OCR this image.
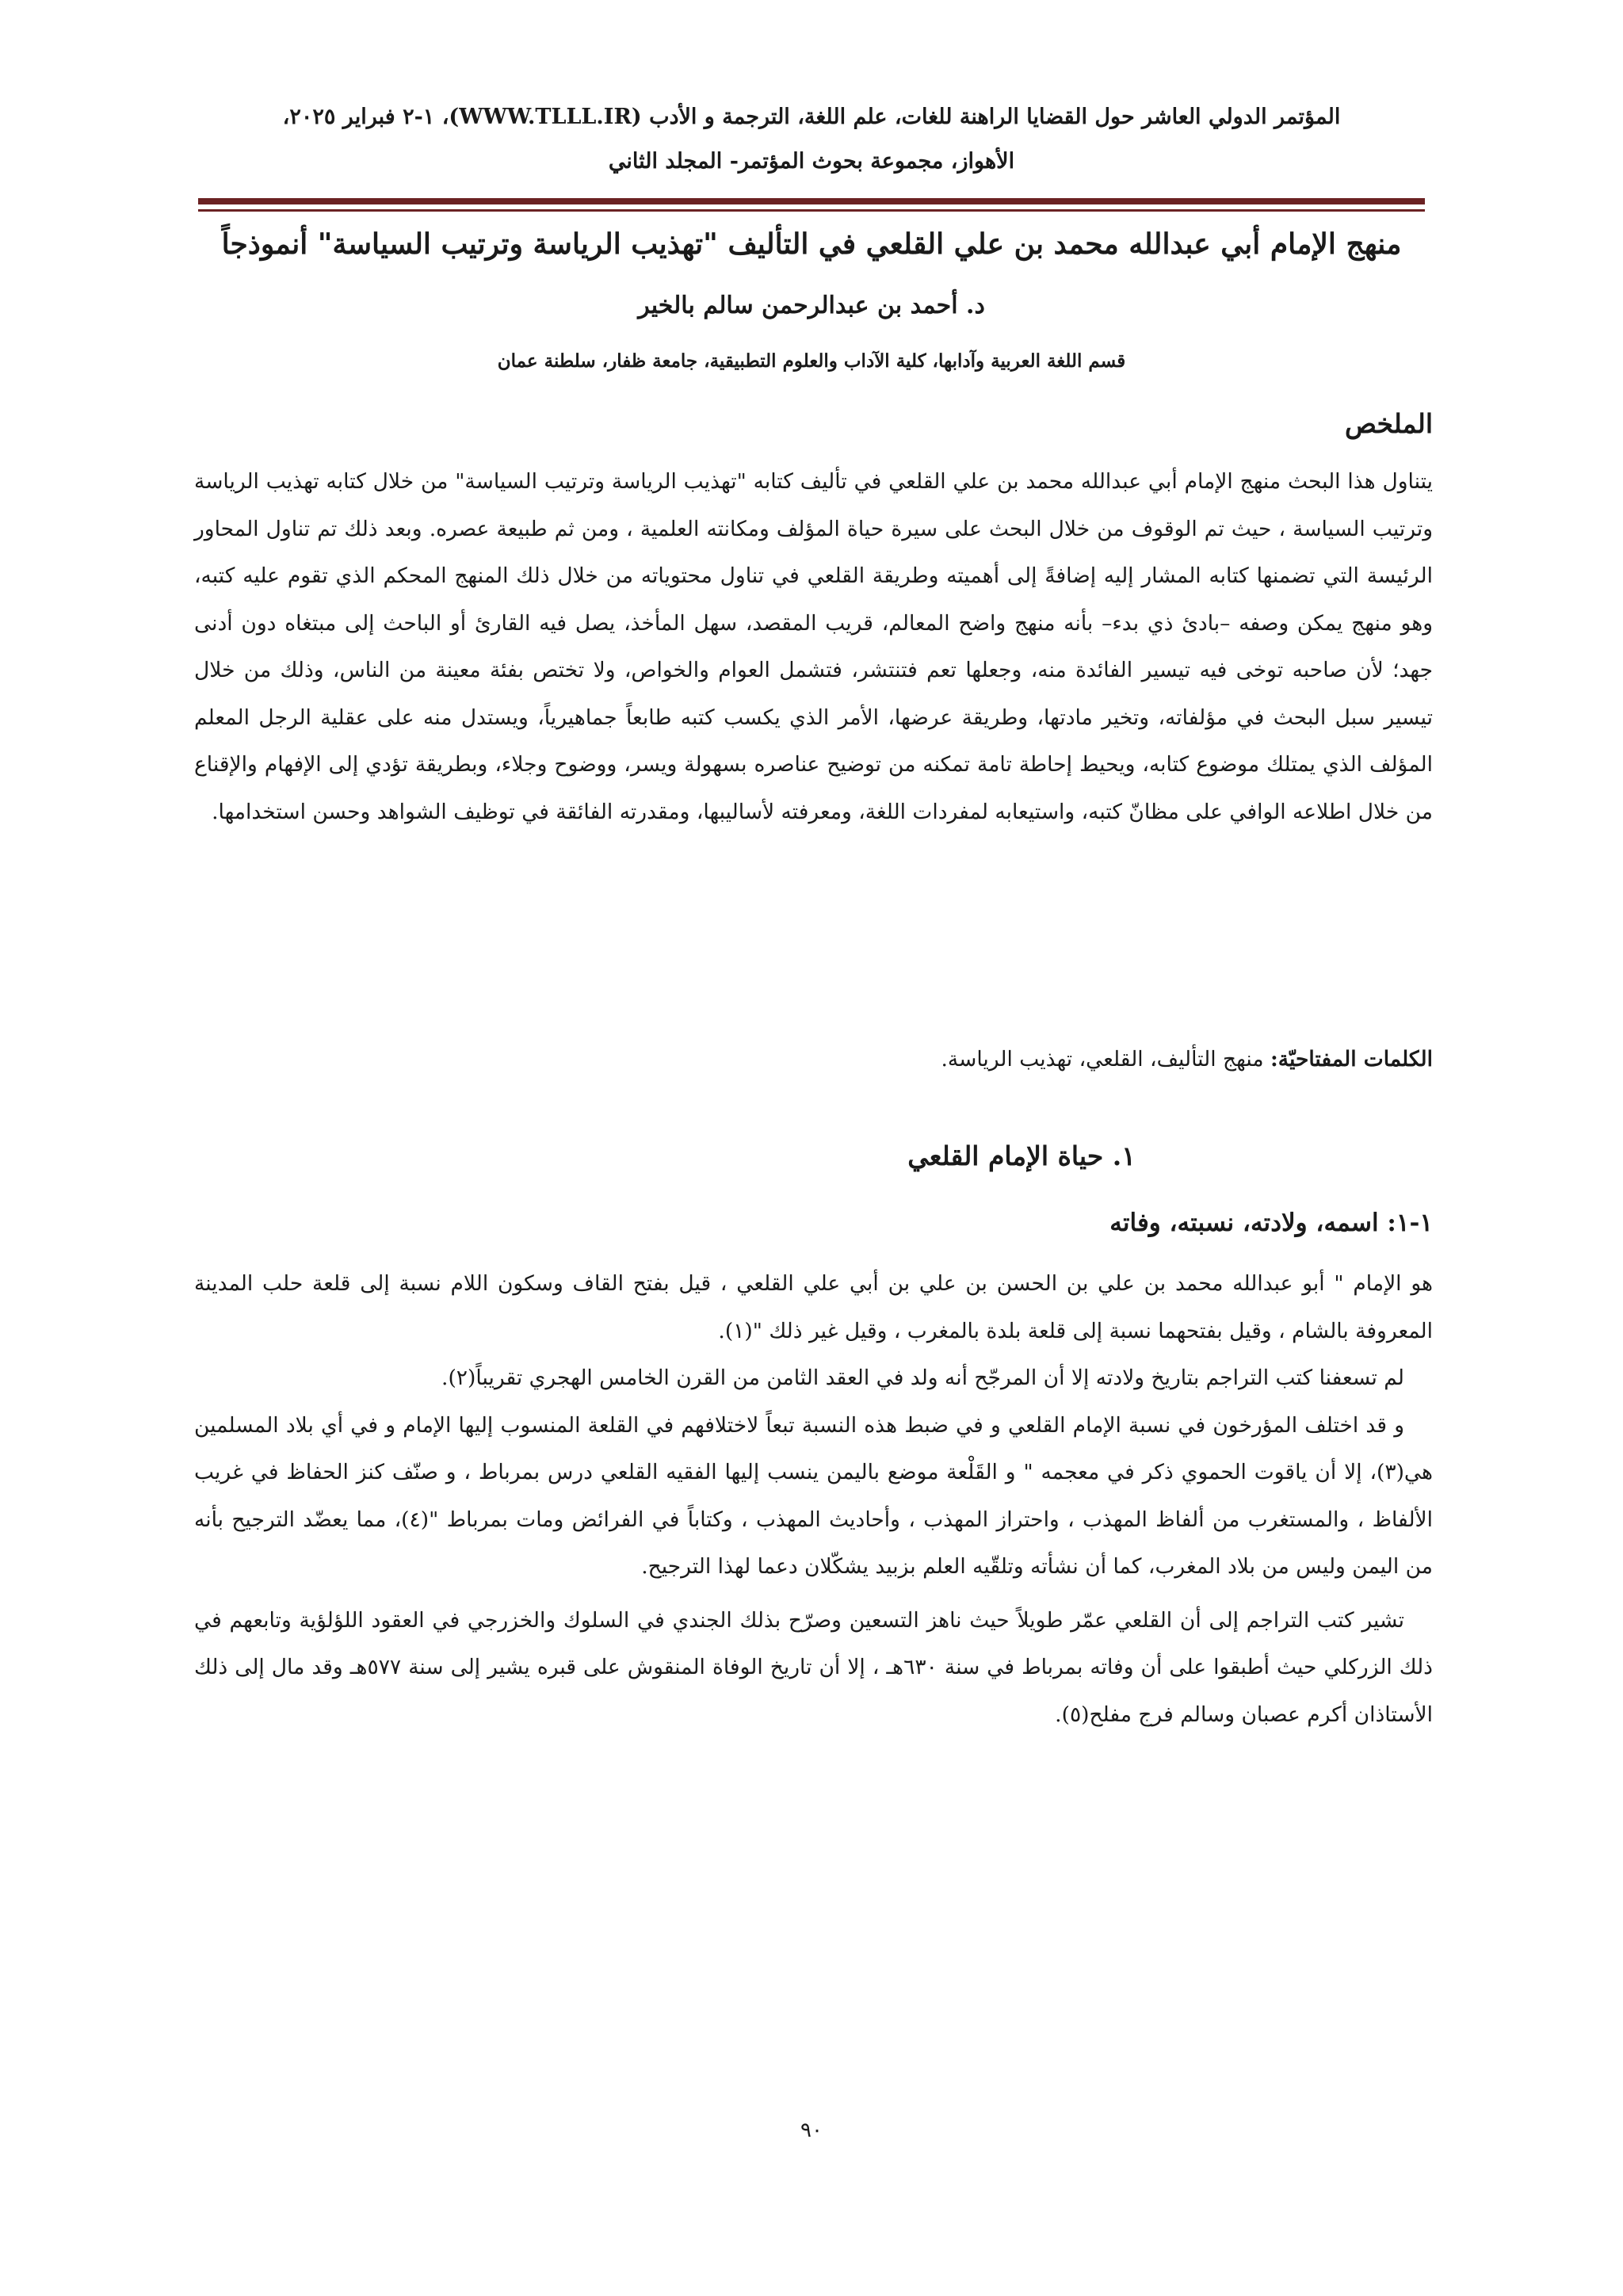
المؤتمر الدولي العاشر حول القضايا الراهنة للغات، علم اللغة، الترجمة و الأدب (WWW.TLLL.IR)، ١-٢ فبراير ٢٠٢٥،
الأهواز، مجموعة بحوث المؤتمر- المجلد الثاني
منهج الإمام أبي عبدالله محمد بن علي القلعي في التأليف "تهذيب الرياسة وترتيب السياسة" أنموذجاً
د. أحمد بن عبدالرحمن سالم بالخير
قسم اللغة العربية وآدابها، كلية الآداب والعلوم التطبيقية، جامعة ظفار، سلطنة عمان
الملخص
يتناول هذا البحث منهج الإمام أبي عبدالله محمد بن علي القلعي في تأليف كتابه "تهذيب الرياسة وترتيب السياسة" من خلال كتابه تهذيب الرياسة وترتيب السياسة ، حيث تم الوقوف من خلال البحث على سيرة حياة المؤلف ومكانته العلمية ، ومن ثم طبيعة عصره. وبعد ذلك تم تناول المحاور الرئيسة التي تضمنها كتابه المشار إليه إضافةً إلى أهميته وطريقة القلعي في تناول محتوياته من خلال ذلك المنهج المحكم الذي تقوم عليه كتبه، وهو منهج يمكن وصفه –بادئ ذي بدء– بأنه منهج واضح المعالم، قريب المقصد، سهل المأخذ، يصل فيه القارئ أو الباحث إلى مبتغاه دون أدنى جهد؛ لأن صاحبه توخى فيه تيسير الفائدة منه، وجعلها تعم فتنتشر، فتشمل العوام والخواص، ولا تختص بفئة معينة من الناس، وذلك من خلال تيسير سبل البحث في مؤلفاته، وتخير مادتها، وطريقة عرضها، الأمر الذي يكسب كتبه طابعاً جماهيرياً، ويستدل منه على عقلية الرجل المعلم المؤلف الذي يمتلك موضوع كتابه، ويحيط إحاطة تامة تمكنه من توضيح عناصره بسهولة ويسر، ووضوح وجلاء، وبطريقة تؤدي إلى الإفهام والإقناع من خلال اطلاعه الوافي على مظانّ كتبه، واستيعابه لمفردات اللغة، ومعرفته لأساليبها، ومقدرته الفائقة في توظيف الشواهد وحسن استخدامها.
الكلمات المفتاحيّة: منهج التأليف، القلعي، تهذيب الرياسة.
١. حياة الإمام القلعي
١-١: اسمه، ولادته، نسبته، وفاته

هو الإمام " أبو عبدالله محمد بن علي بن الحسن بن علي بن أبي علي القلعي ، قيل بفتح القاف وسكون اللام نسبة إلى قلعة حلب المدينة المعروفة بالشام ، وقيل بفتحهما نسبة إلى قلعة بلدة بالمغرب ، وقيل غير ذلك "(١).

لم تسعفنا كتب التراجم بتاريخ ولادته إلا أن المرجّح أنه ولد في العقد الثامن من القرن الخامس الهجري تقريباً(٢).

و قد اختلف المؤرخون في نسبة الإمام القلعي و في ضبط هذه النسبة تبعاً لاختلافهم في القلعة المنسوب إليها الإمام و في أي بلاد المسلمين هي(٣)، إلا أن ياقوت الحموي ذكر في معجمه " و القَلْعة موضع باليمن ينسب إليها الفقيه القلعي درس بمرباط ، و صنّف كنز الحفاظ في غريب الألفاظ ، والمستغرب من ألفاظ المهذب ، واحتراز المهذب ، وأحاديث المهذب ، وكتاباً في الفرائض ومات بمرباط "(٤)، مما يعضّد الترجيح بأنه من اليمن وليس من بلاد المغرب، كما أن نشأته وتلقّيه العلم بزبيد يشكّلان دعما لهذا الترجيح.

تشير كتب التراجم إلى أن القلعي عمّر طويلاً حيث ناهز التسعين وصرّح بذلك الجندي في السلوك والخزرجي في العقود اللؤلؤية وتابعهم في ذلك الزركلي حيث أطبقوا على أن وفاته بمرباط في سنة ٦٣٠هـ ، إلا أن تاريخ الوفاة المنقوش على قبره يشير إلى سنة ٥٧٧هـ وقد مال إلى ذلك الأستاذان أكرم عصبان وسالم فرج مفلح(٥).

٩٠
